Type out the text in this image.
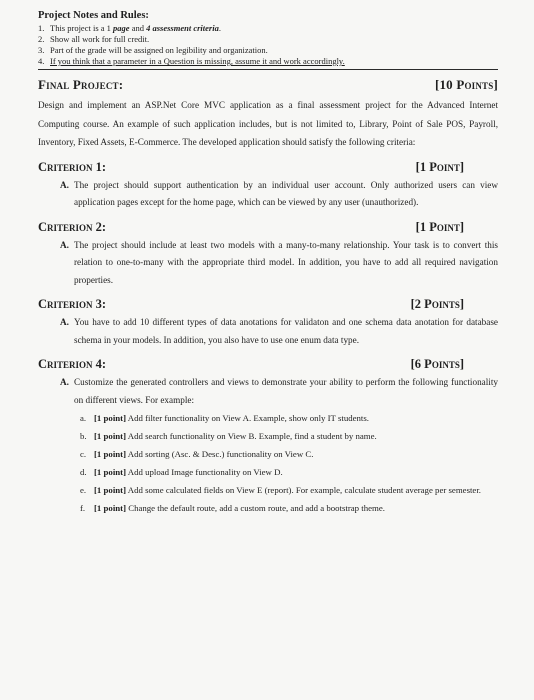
Project Notes and Rules:
1. This project is a 1 page and 4 assessment criteria.
2. Show all work for full credit.
3. Part of the grade will be assigned on legibility and organization.
4. If you think that a parameter in a Question is missing, assume it and work accordingly.
Final Project:	[10 Points]

Design and implement an ASP.Net Core MVC application as a final assessment project for the Advanced Internet Computing course. An example of such application includes, but is not limited to, Library, Point of Sale POS, Payroll, Inventory, Fixed Assets, E-Commerce. The developed application should satisfy the following criteria:

Criterion 1:	[1 Point]
A. The project should support authentication by an individual user account. Only authorized users can view application pages except for the home page, which can be viewed by any user (unauthorized).
Criterion 2:	[1 Point]
A. The project should include at least two models with a many-to-many relationship. Your task is to convert this relation to one-to-many with the appropriate third model. In addition, you have to add all required navigation properties.
Criterion 3:	[2 Points]
A. You have to add 10 different types of data anotations for validaton and one schema data anotation for database schema in your models. In addition, you also have to use one enum data type.
Criterion 4:	[6 Points]
A. Customize the generated controllers and views to demonstrate your ability to perform the following functionality on different views. For example:
a. [1 point] Add filter functionality on View A. Example, show only IT students.
b. [1 point] Add search functionality on View B. Example, find a student by name.
c. [1 point] Add sorting (Asc. & Desc.) functionality on View C.
d. [1 point] Add upload Image functionality on View D.
e. [1 point] Add some calculated fields on View E (report). For example, calculate student average per semester.
f.	[1 point] Change the default route, add a custom route, and add a bootstrap theme.
